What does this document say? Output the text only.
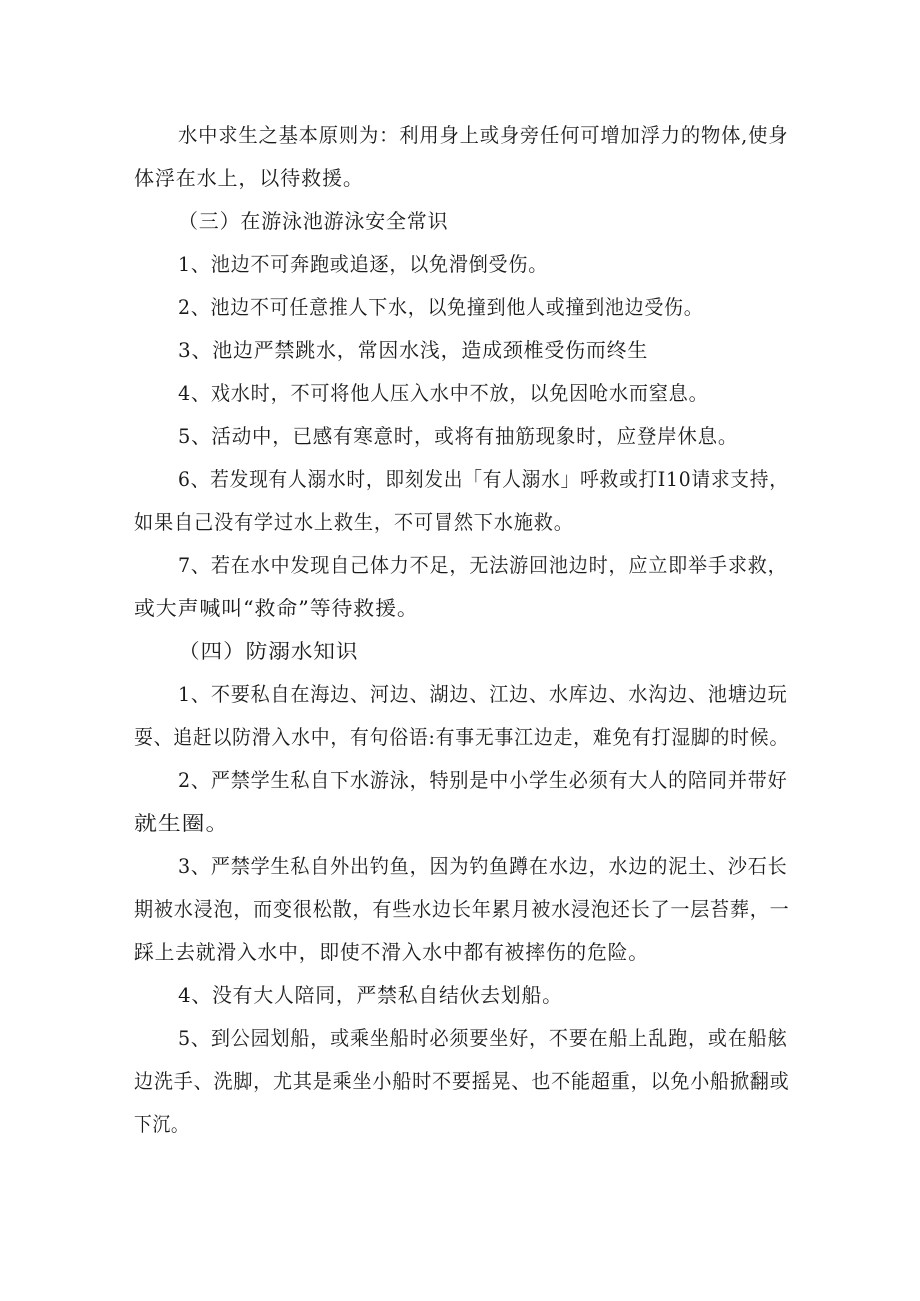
水中求生之基本原则为：利用身上或身旁任何可增加浮力的物体,使身

体浮在水上，以待救援。

（三）在游泳池游泳安全常识

1、池边不可奔跑或追逐，以免滑倒受伤。

2、池边不可任意推人下水，以免撞到他人或撞到池边受伤。

3、池边严禁跳水，常因水浅，造成颈椎受伤而终生

4、戏水时，不可将他人压入水中不放，以免因呛水而窒息。

5、活动中，已感有寒意时，或将有抽筋现象时，应登岸休息。

6、若发现有人溺水时，即刻发出「有人溺水」呼救或打I10请求支持，

如果自己没有学过水上救生，不可冒然下水施救。

7、若在水中发现自己体力不足，无法游回池边时，应立即举手求救，

或大声喊叫“救命”等待救援。

（四）防溺水知识

1、不要私自在海边、河边、湖边、江边、水库边、水沟边、池塘边玩

耍、追赶以防滑入水中，有句俗语:有事无事江边走，难免有打湿脚的时候。

2、严禁学生私自下水游泳，特别是中小学生必须有大人的陪同并带好

就生圈。

3、严禁学生私自外出钓鱼，因为钓鱼蹲在水边，水边的泥土、沙石长

期被水浸泡，而变很松散，有些水边长年累月被水浸泡还长了一层苔葬，一

踩上去就滑入水中，即使不滑入水中都有被摔伤的危险。

4、没有大人陪同，严禁私自结伙去划船。

5、到公园划船，或乘坐船时必须要坐好，不要在船上乱跑，或在船舷

边洗手、洗脚，尤其是乘坐小船时不要摇晃、也不能超重，以免小船掀翻或

下沉。
